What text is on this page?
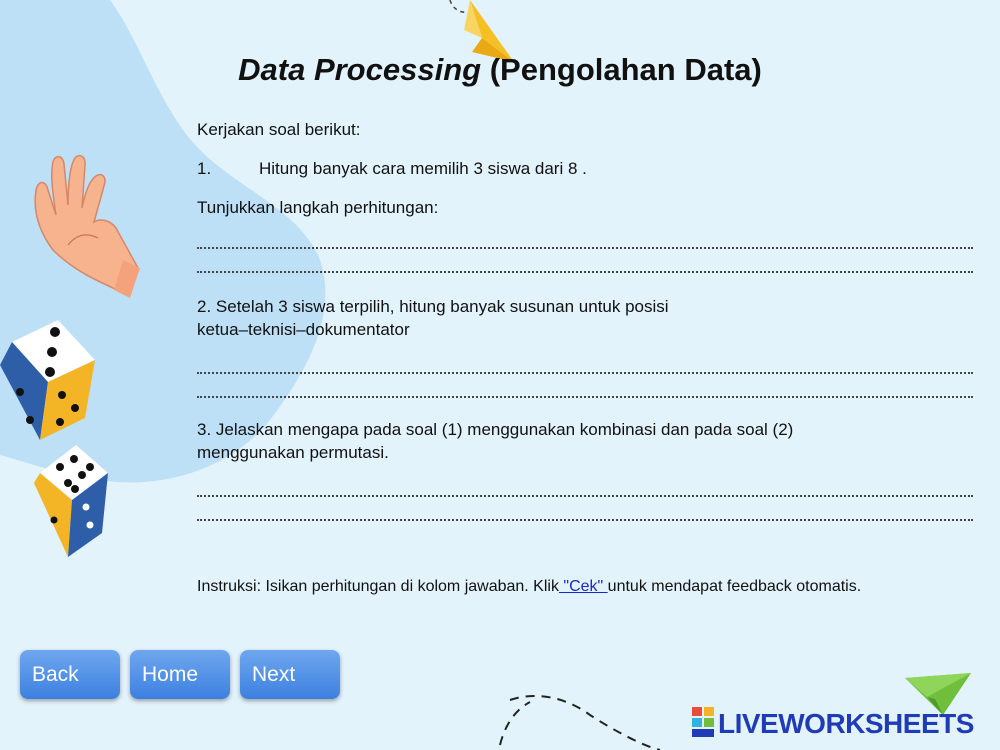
Data Processing (Pengolahan Data)
Kerjakan soal berikut:
1.	Hitung banyak cara memilih 3 siswa dari 8 .
Tunjukkan langkah perhitungan:
2. Setelah 3 siswa terpilih, hitung banyak susunan untuk posisi
ketua–teknisi–dokumentator
3. Jelaskan mengapa pada soal (1) menggunakan kombinasi dan pada soal (2)
menggunakan permutasi.
Instruksi: Isikan perhitungan di kolom jawaban. Klik "Cek" untuk mendapat feedback otomatis.
Back	Home	Next
LIVEWORKSHEETS
